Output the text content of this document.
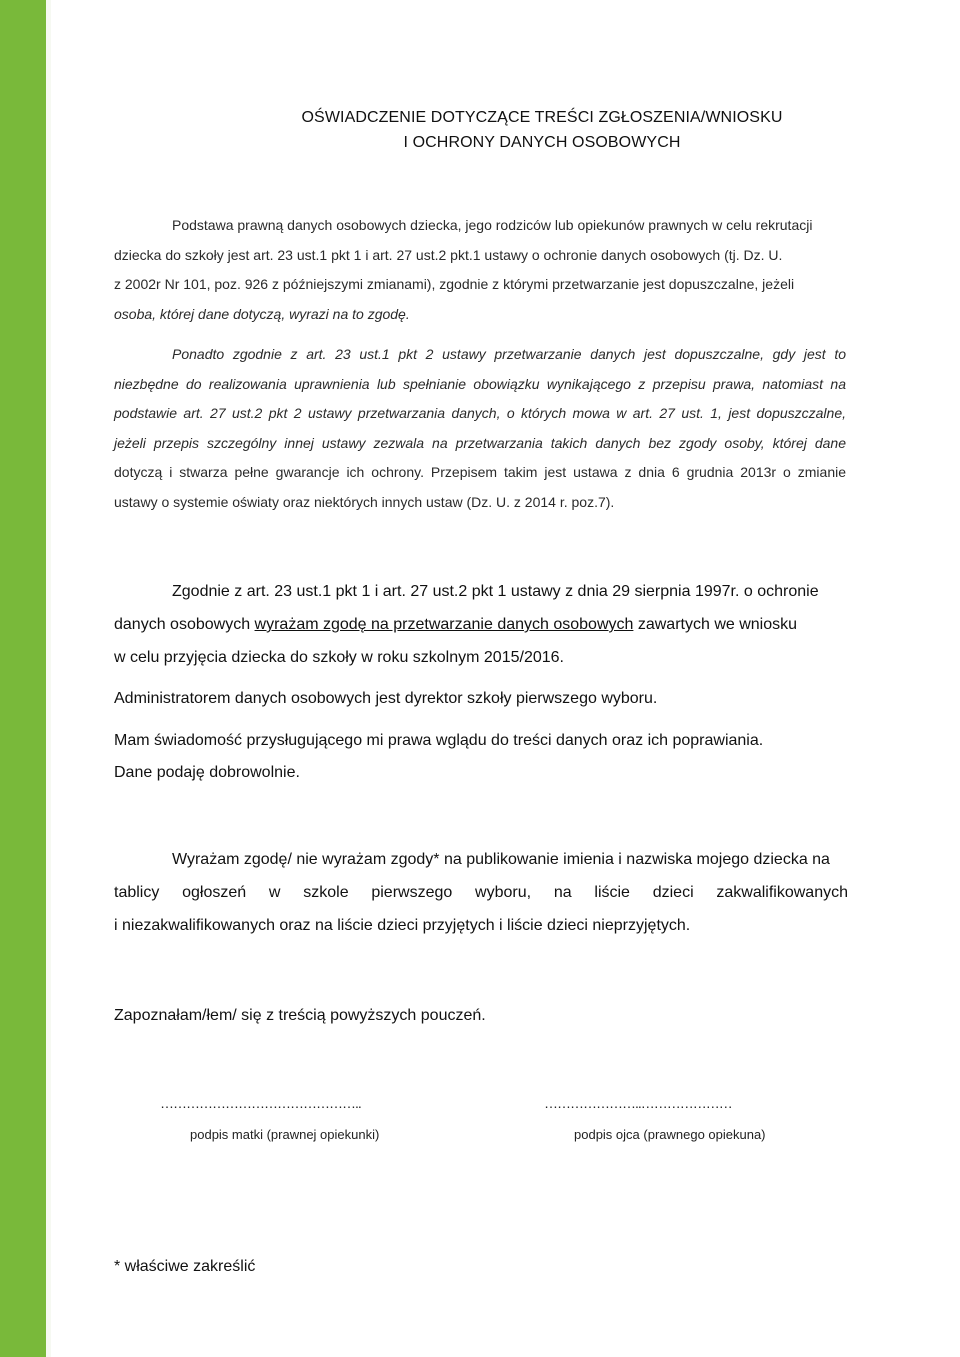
OŚWIADCZENIE DOTYCZĄCE TREŚCI ZGŁOSZENIA/WNIOSKU
I OCHRONY DANYCH OSOBOWYCH
Podstawa prawną danych osobowych dziecka, jego rodziców lub opiekunów prawnych w celu rekrutacji
dziecka do szkoły jest art. 23 ust.1 pkt 1 i art. 27 ust.2 pkt.1 ustawy o ochronie danych osobowych (tj. Dz. U.
z 2002r Nr 101, poz. 926 z późniejszymi zmianami), zgodnie z którymi przetwarzanie jest dopuszczalne, jeżeli
osoba, której dane dotyczą, wyrazi na to zgodę.
Ponadto zgodnie z art. 23 ust.1 pkt 2 ustawy przetwarzanie danych jest dopuszczalne, gdy jest to
niezbędne do realizowania uprawnienia lub spełnianie obowiązku wynikającego z przepisu prawa, natomiast na
podstawie art. 27 ust.2 pkt 2 ustawy przetwarzania danych, o których mowa w art. 27 ust. 1, jest dopuszczalne,
jeżeli przepis szczególny innej ustawy zezwala na przetwarzania takich danych bez zgody osoby, której dane
dotyczą i stwarza pełne gwarancje ich ochrony. Przepisem takim jest ustawa z dnia 6 grudnia 2013r o zmianie
ustawy o systemie oświaty oraz niektórych innych ustaw (Dz. U. z 2014 r. poz.7).
Zgodnie z art. 23 ust.1 pkt 1 i art. 27 ust.2 pkt 1 ustawy z dnia 29 sierpnia 1997r. o ochronie
danych osobowych wyrażam zgodę na przetwarzanie danych osobowych zawartych we wniosku
w celu przyjęcia dziecka do szkoły w roku szkolnym 2015/2016.
Administratorem danych osobowych jest dyrektor szkoły pierwszego wyboru.
Mam świadomość przysługującego mi prawa wglądu do treści danych oraz ich poprawiania.
Dane podaję dobrowolnie.
Wyrażam zgodę/ nie wyrażam zgody* na publikowanie imienia i nazwiska mojego dziecka na
tablicy ogłoszeń w szkole pierwszego wyboru, na liście dzieci zakwalifikowanych
i niezakwalifikowanych oraz na liście dzieci przyjętych i liście dzieci nieprzyjętych.
Zapoznałam/łem/ się z treścią powyższych pouczeń.
………………………………………..	…………………..…………………
podpis matki (prawnej opiekunki)	podpis ojca (prawnego opiekuna)
* właściwe zakreślić
